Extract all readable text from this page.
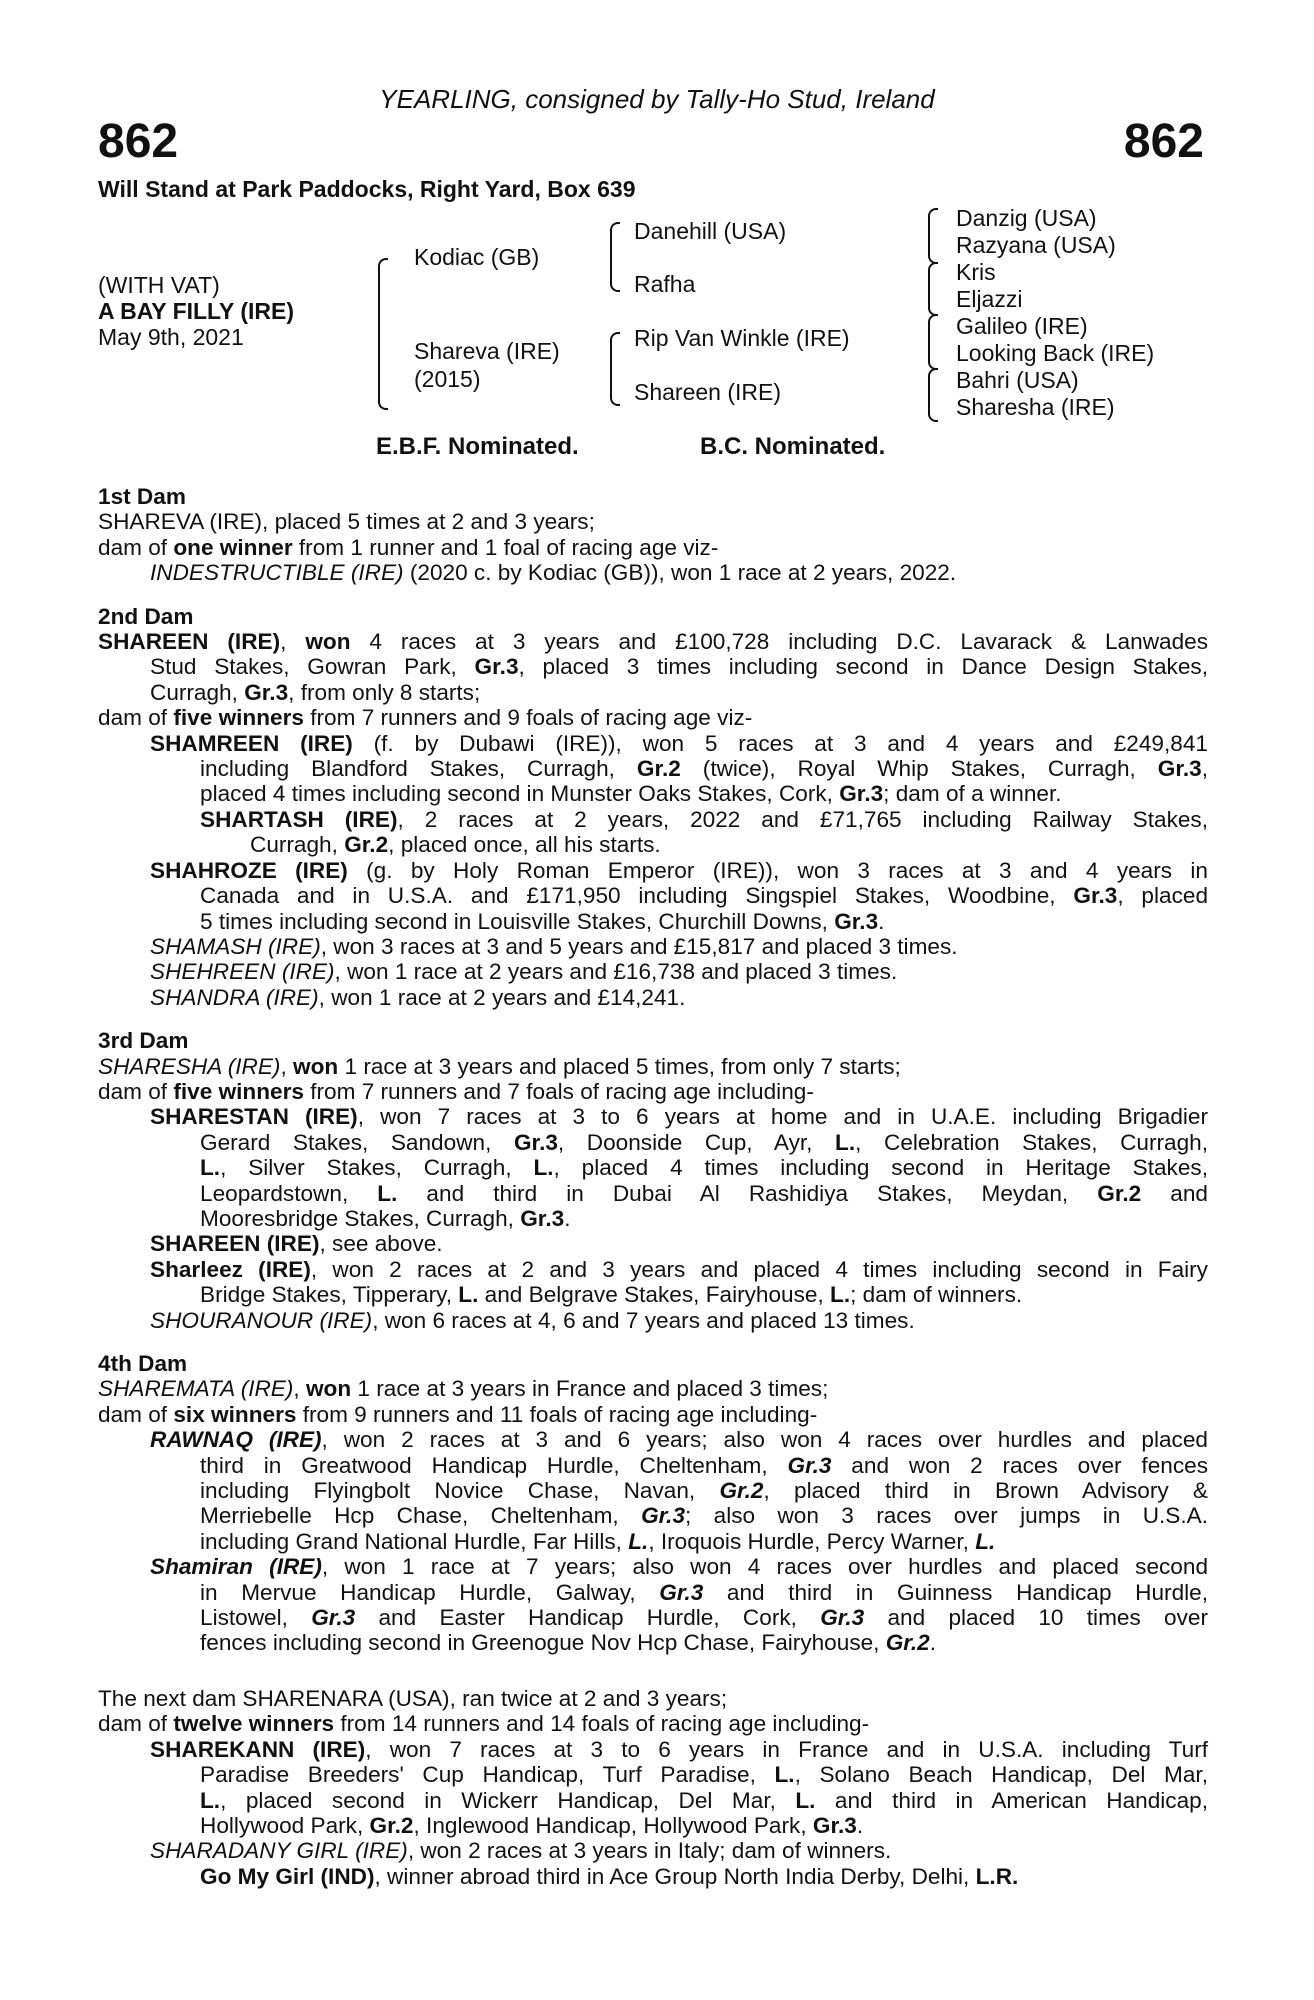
YEARLING, consigned by Tally-Ho Stud, Ireland
862	862
Will Stand at Park Paddocks, Right Yard, Box 639
(WITH VAT)
A BAY FILLY (IRE)
May 9th, 2021
Kodiac (GB)
Shareva (IRE)
(2015)
Danehill (USA)
Rafha
Rip Van Winkle (IRE)
Shareen (IRE)
Danzig (USA)
Razyana (USA)
Kris
Eljazzi
Galileo (IRE)
Looking Back (IRE)
Bahri (USA)
Sharesha (IRE)
E.B.F. Nominated.	B.C. Nominated.
1st Dam
SHAREVA (IRE), placed 5 times at 2 and 3 years;
dam of one winner from 1 runner and 1 foal of racing age viz-
INDESTRUCTIBLE (IRE) (2020 c. by Kodiac (GB)), won 1 race at 2 years, 2022.
2nd Dam
SHAREEN (IRE), won 4 races at 3 years and £100,728 including D.C. Lavarack & Lanwades
Stud Stakes, Gowran Park, Gr.3, placed 3 times including second in Dance Design Stakes,
Curragh, Gr.3, from only 8 starts;
dam of five winners from 7 runners and 9 foals of racing age viz-
SHAMREEN (IRE) (f. by Dubawi (IRE)), won 5 races at 3 and 4 years and £249,841
including Blandford Stakes, Curragh, Gr.2 (twice), Royal Whip Stakes, Curragh, Gr.3,
placed 4 times including second in Munster Oaks Stakes, Cork, Gr.3; dam of a winner.
SHARTASH (IRE), 2 races at 2 years, 2022 and £71,765 including Railway Stakes,
Curragh, Gr.2, placed once, all his starts.
SHAHROZE (IRE) (g. by Holy Roman Emperor (IRE)), won 3 races at 3 and 4 years in
Canada and in U.S.A. and £171,950 including Singspiel Stakes, Woodbine, Gr.3, placed
5 times including second in Louisville Stakes, Churchill Downs, Gr.3.
SHAMASH (IRE), won 3 races at 3 and 5 years and £15,817 and placed 3 times.
SHEHREEN (IRE), won 1 race at 2 years and £16,738 and placed 3 times.
SHANDRA (IRE), won 1 race at 2 years and £14,241.
3rd Dam
SHARESHA (IRE), won 1 race at 3 years and placed 5 times, from only 7 starts;
dam of five winners from 7 runners and 7 foals of racing age including-
SHARESTAN (IRE), won 7 races at 3 to 6 years at home and in U.A.E. including Brigadier
Gerard Stakes, Sandown, Gr.3, Doonside Cup, Ayr, L., Celebration Stakes, Curragh,
L., Silver Stakes, Curragh, L., placed 4 times including second in Heritage Stakes,
Leopardstown, L. and third in Dubai Al Rashidiya Stakes, Meydan, Gr.2 and
Mooresbridge Stakes, Curragh, Gr.3.
SHAREEN (IRE), see above.
Sharleez (IRE), won 2 races at 2 and 3 years and placed 4 times including second in Fairy
Bridge Stakes, Tipperary, L. and Belgrave Stakes, Fairyhouse, L.; dam of winners.
SHOURANOUR (IRE), won 6 races at 4, 6 and 7 years and placed 13 times.
4th Dam
SHAREMATA (IRE), won 1 race at 3 years in France and placed 3 times;
dam of six winners from 9 runners and 11 foals of racing age including-
RAWNAQ (IRE), won 2 races at 3 and 6 years; also won 4 races over hurdles and placed
third in Greatwood Handicap Hurdle, Cheltenham, Gr.3 and won 2 races over fences
including Flyingbolt Novice Chase, Navan, Gr.2, placed third in Brown Advisory &
Merriebelle Hcp Chase, Cheltenham, Gr.3; also won 3 races over jumps in U.S.A.
including Grand National Hurdle, Far Hills, L., Iroquois Hurdle, Percy Warner, L.
Shamiran (IRE), won 1 race at 7 years; also won 4 races over hurdles and placed second
in Mervue Handicap Hurdle, Galway, Gr.3 and third in Guinness Handicap Hurdle,
Listowel, Gr.3 and Easter Handicap Hurdle, Cork, Gr.3 and placed 10 times over
fences including second in Greenogue Nov Hcp Chase, Fairyhouse, Gr.2.
The next dam SHARENARA (USA), ran twice at 2 and 3 years;
dam of twelve winners from 14 runners and 14 foals of racing age including-
SHAREKANN (IRE), won 7 races at 3 to 6 years in France and in U.S.A. including Turf
Paradise Breeders' Cup Handicap, Turf Paradise, L., Solano Beach Handicap, Del Mar,
L., placed second in Wickerr Handicap, Del Mar, L. and third in American Handicap,
Hollywood Park, Gr.2, Inglewood Handicap, Hollywood Park, Gr.3.
SHARADANY GIRL (IRE), won 2 races at 3 years in Italy; dam of winners.
Go My Girl (IND), winner abroad third in Ace Group North India Derby, Delhi, L.R.
